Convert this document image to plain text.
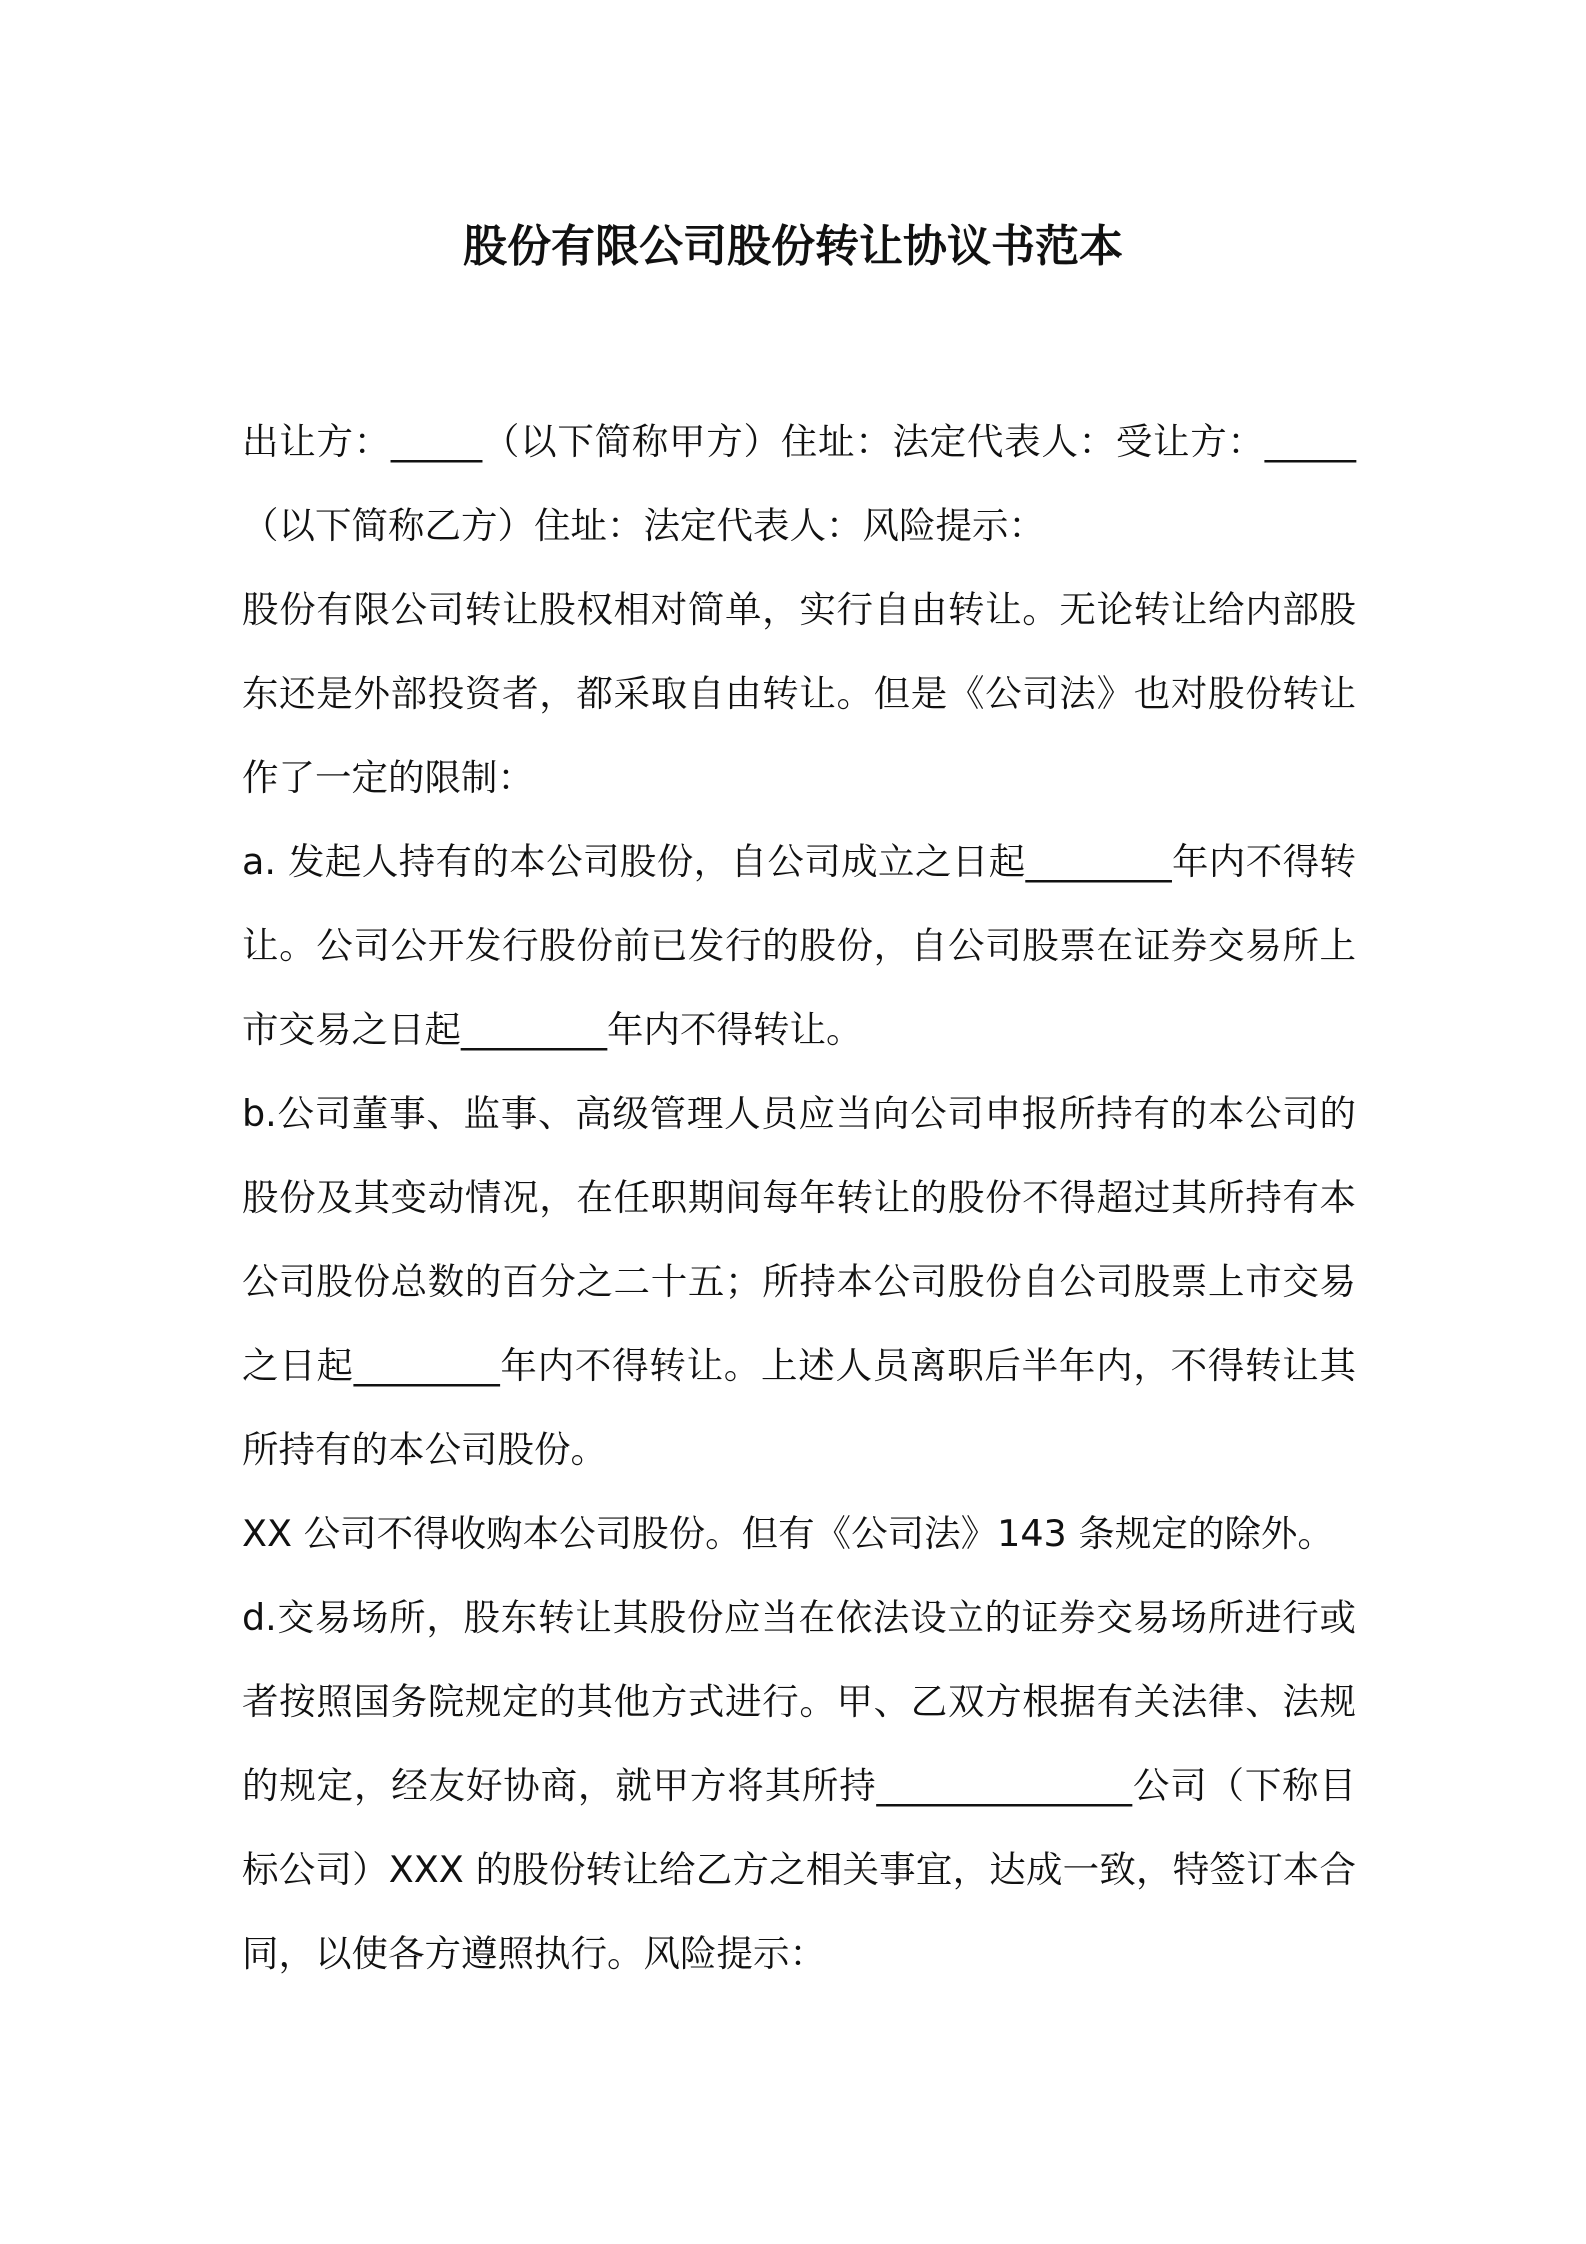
股份有限公司股份转让协议书范本

出让方：_____（以下简称甲方）住址：法定代表人：受让方：_____（以下简称乙方）住址：法定代表人：风险提示：

股份有限公司转让股权相对简单，实行自由转让。无论转让给内部股东还是外部投资者，都采取自由转让。但是《公司法》也对股份转让作了一定的限制：

a. 发起人持有的本公司股份，自公司成立之日起________年内不得转让。公司公开发行股份前已发行的股份，自公司股票在证券交易所上市交易之日起________年内不得转让。

b.公司董事、监事、高级管理人员应当向公司申报所持有的本公司的股份及其变动情况，在任职期间每年转让的股份不得超过其所持有本公司股份总数的百分之二十五；所持本公司股份自公司股票上市交易之日起________年内不得转让。上述人员离职后半年内，不得转让其所持有的本公司股份。

XX 公司不得收购本公司股份。但有《公司法》143 条规定的除外。

d.交易场所，股东转让其股份应当在依法设立的证券交易场所进行或者按照国务院规定的其他方式进行。甲、乙双方根据有关法律、法规的规定，经友好协商，就甲方将其所持______________公司（下称目标公司）XXX 的股份转让给乙方之相关事宜，达成一致，特签订本合同，以使各方遵照执行。风险提示：
